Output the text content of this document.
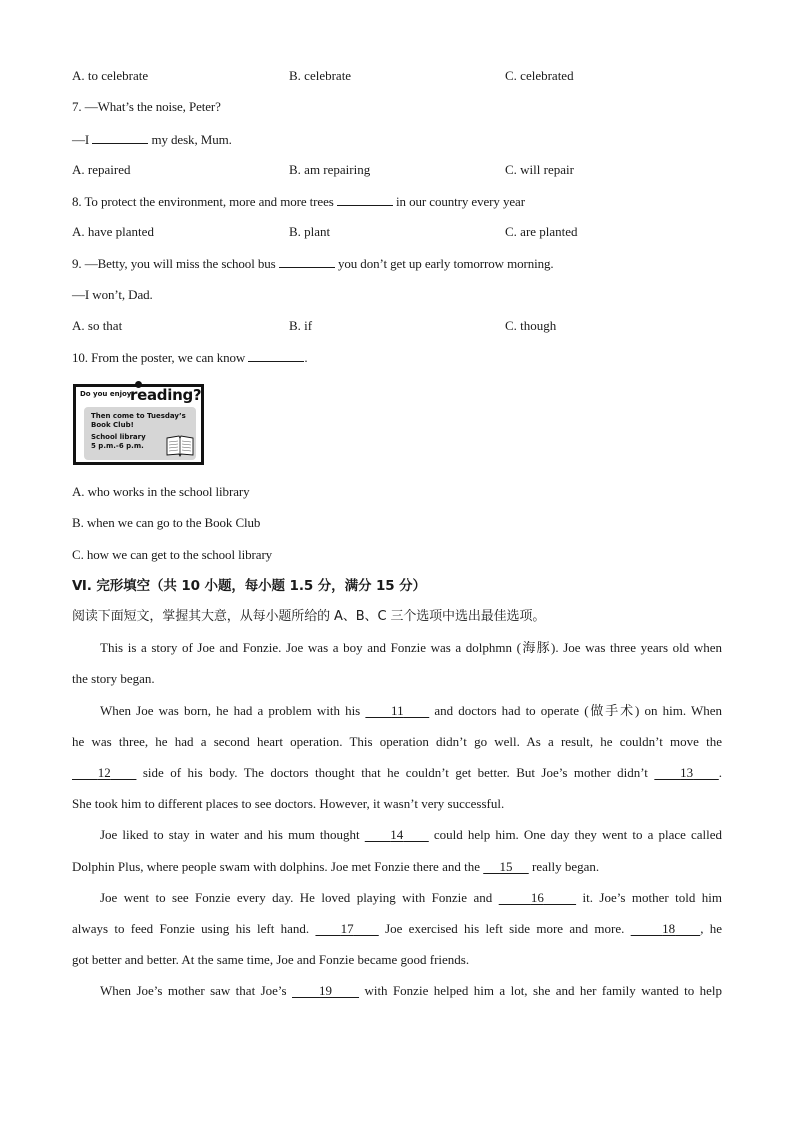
A. to celebrate	B. celebrate	C. celebrated
7. —What’s the noise, Peter?
—I	my desk, Mum.
A. repaired	B. am repairing	C. will repair
8. To protect the environment, more and more trees	in our country every year
A. have planted	B. plant	C. are planted
9. —Betty, you will miss the school bus	you don’t get up early tomorrow morning.
—I won’t, Dad.
A. so that	B. if	C. though
10. From the poster, we can know	.
Do you enjoy
reading?
Then come to Tuesday’s
Book Club!
School library
5 p.m.-6 p.m.
A. who works in the school library
B. when we can go to the Book Club
C. how we can get to the school library
Ⅵ. 完形填空（共 10 小题，每小题 1.5 分，满分 15 分）
阅读下面短文，掌握其大意，从每小题所给的 A、B、C 三个选项中选出最佳选项。
This is a story of Joe and Fonzie. Joe was a boy and Fonzie was a dolphmn (海豚). Joe was three years old when
the story began.
When Joe was born, he had a problem with his 11 and doctors had to operate (做手术) on him. When
he was three, he had a second heart operation. This operation didn’t go well. As a result, he couldn’t move the
12 side of his body. The doctors thought that he couldn’t get better. But Joe’s mother didn’t 13 .
She took him to different places to see doctors. However, it wasn’t very successful.
Joe liked to stay in water and his mum thought 14 could help him. One day they went to a place called
Dolphin Plus, where people swam with dolphins. Joe met Fonzie there and the 15 really began.
Joe went to see Fonzie every day. He loved playing with Fonzie and	16	it. Joe’s mother told him
always to feed Fonzie using his left hand. 17 Joe exercised his left side more and more.	18 , he
got better and better. At the same time, Joe and Fonzie became good friends.
When Joe’s mother saw that Joe’s 19 with Fonzie helped him a lot, she and her family wanted to help
